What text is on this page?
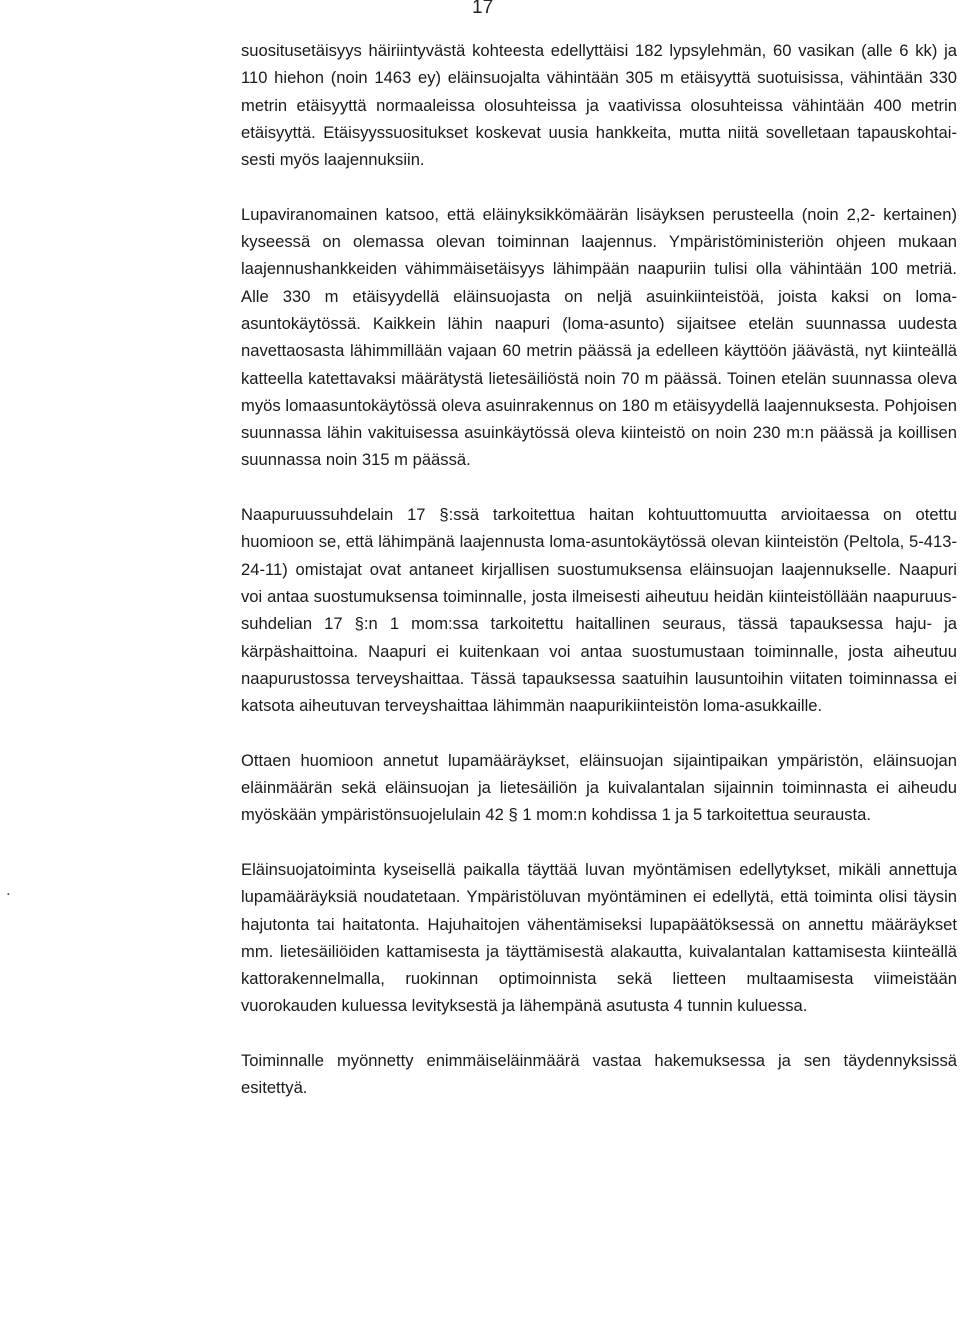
17
.

suositusetäisyys häiriintyvästä kohteesta edellyttäisi 182 lypsylehmän, 60 vasikan (alle 6 kk) ja 110 hiehon (noin 1463 ey) eläinsuojalta vähintään 305 m etäisyyttä suotuisissa, vähintään 330 metrin etäisyyttä normaaleissa olosuhteissa ja vaativissa olosuhteissa vähintään 400 metrin etäisyyttä. Etäisyyssuositukset koskevat uusia hankkeita, mutta niitä sovelletaan tapauskohtaisesti myös laajennuksiin.

Lupaviranomainen katsoo, että eläinyksikkömäärän lisäyksen perusteella (noin 2,2- kertainen) kyseessä on olemassa olevan toiminnan laajennus. Ympäristöministeriön ohjeen mukaan laajennushankkeiden vähimmäisetäisyys lähimpään naapuriin tulisi olla vähintään 100 metriä. Alle 330 m etäisyydellä eläinsuojasta on neljä asuinkiinteistöä, joista kaksi on lomaasuntokäytössä. Kaikkein lähin naapuri (loma-asunto) sijaitsee etelän suunnassa uudesta navettaosasta lähimmillään vajaan 60 metrin päässä ja edelleen käyttöön jäävästä, nyt kiinteällä katteella katettavaksi määrätystä lietesäiliöstä noin 70 m päässä. Toinen etelän suunnassa oleva myös lomaasuntokäytössä oleva asuinrakennus on 180 m etäisyydellä laajennuksesta. Pohjoisen suunnassa lähin vakituisessa asuinkäytössä oleva kiinteistö on noin 230 m:n päässä ja koillisen suunnassa noin 315 m päässä.

Naapuruussuhdelain 17 §:ssä tarkoitettua haitan kohtuuttomuutta arvioitaessa on otettu huomioon se, että lähimpänä laajennusta loma-asuntokäytössä olevan kiinteistön (Peltola, 5-413-24-11) omistajat ovat antaneet kirjallisen suostumuksensa eläinsuojan laajennukselle. Naapuri voi antaa suostumuksensa toiminnalle, josta ilmeisesti aiheutuu heidän kiinteistöllään naapuruussuhdelian 17 §:n 1 mom:ssa tarkoitettu haitallinen seuraus, tässä tapauksessa haju- ja kärpäshaittoina. Naapuri ei kuitenkaan voi antaa suostumustaan toiminnalle, josta aiheutuu naapurustossa terveyshaittaa. Tässä tapauksessa saatuihin lausuntoihin viitaten toiminnassa ei katsota aiheutuvan terveyshaittaa lähimmän naapurikiinteistön loma-asukkaille.

Ottaen huomioon annetut lupamääräykset, eläinsuojan sijaintipaikan ympäristön, eläinsuojan eläinmäärän sekä eläinsuojan ja lietesäiliön ja kuivalantalan sijainnin toiminnasta ei aiheudu myöskään ympäristönsuojelulain 42 § 1 mom:n kohdissa 1 ja 5 tarkoitettua seurausta.

Eläinsuojatoiminta kyseisellä paikalla täyttää luvan myöntämisen edellytykset, mikäli annettuja lupamääräyksiä noudatetaan. Ympäristöluvan myöntäminen ei edellytä, että toiminta olisi täysin hajutonta tai haitatonta. Hajuhaitojen vähentämiseksi lupapäätöksessä on annettu määräykset mm. lietesäiliöiden kattamisesta ja täyttämisestä alakautta, kuivalantalan kattamisesta kiinteällä kattorakennelmalla, ruokinnan optimoinnista sekä lietteen multaamisesta viimeistään vuorokauden kuluessa levityksestä ja lähempänä asutusta 4 tunnin kuluessa.

Toiminnalle myönnetty enimmäiseläinmäärä vastaa hakemuksessa ja sen täydennyksissä esitettyä.
